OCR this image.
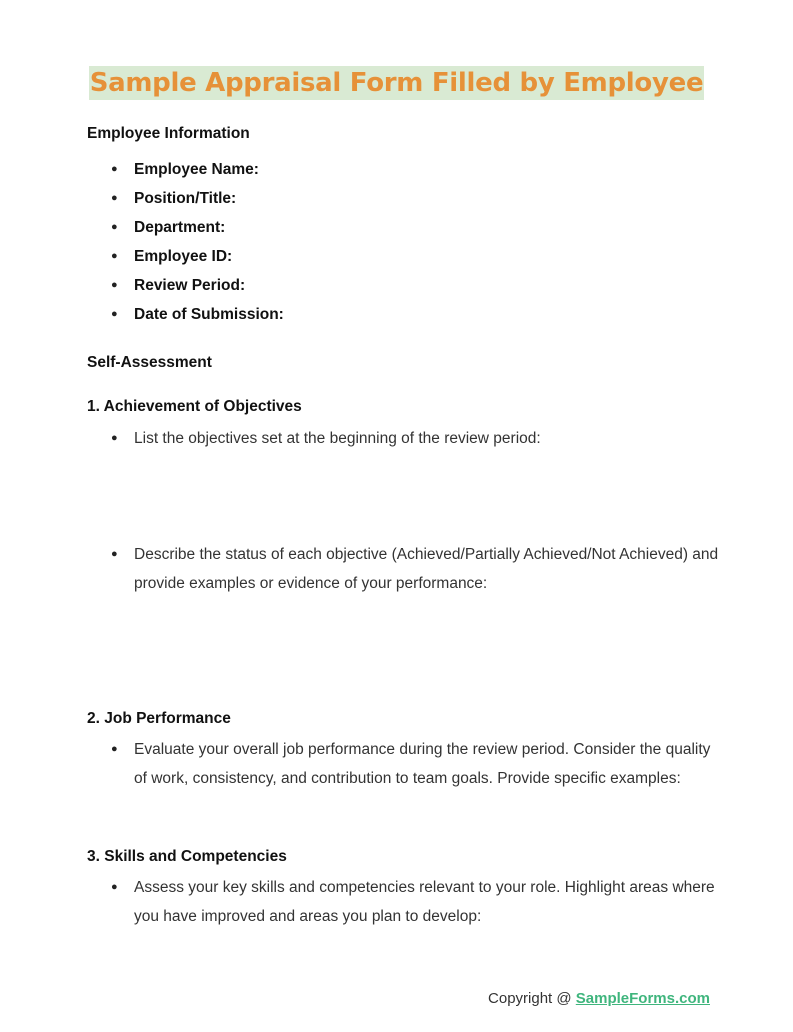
Sample Appraisal Form Filled by Employee
Employee Information
● Employee Name:
● Position/Title:
● Department:
● Employee ID:
● Review Period:
● Date of Submission:
Self-Assessment
1. Achievement of Objectives
● List the objectives set at the beginning of the review period:
● Describe the status of each objective (Achieved/Partially Achieved/Not Achieved) and provide examples or evidence of your performance:
2. Job Performance
● Evaluate your overall job performance during the review period. Consider the quality of work, consistency, and contribution to team goals. Provide specific examples:
3. Skills and Competencies
● Assess your key skills and competencies relevant to your role. Highlight areas where you have improved and areas you plan to develop:
Copyright @ SampleForms.com
